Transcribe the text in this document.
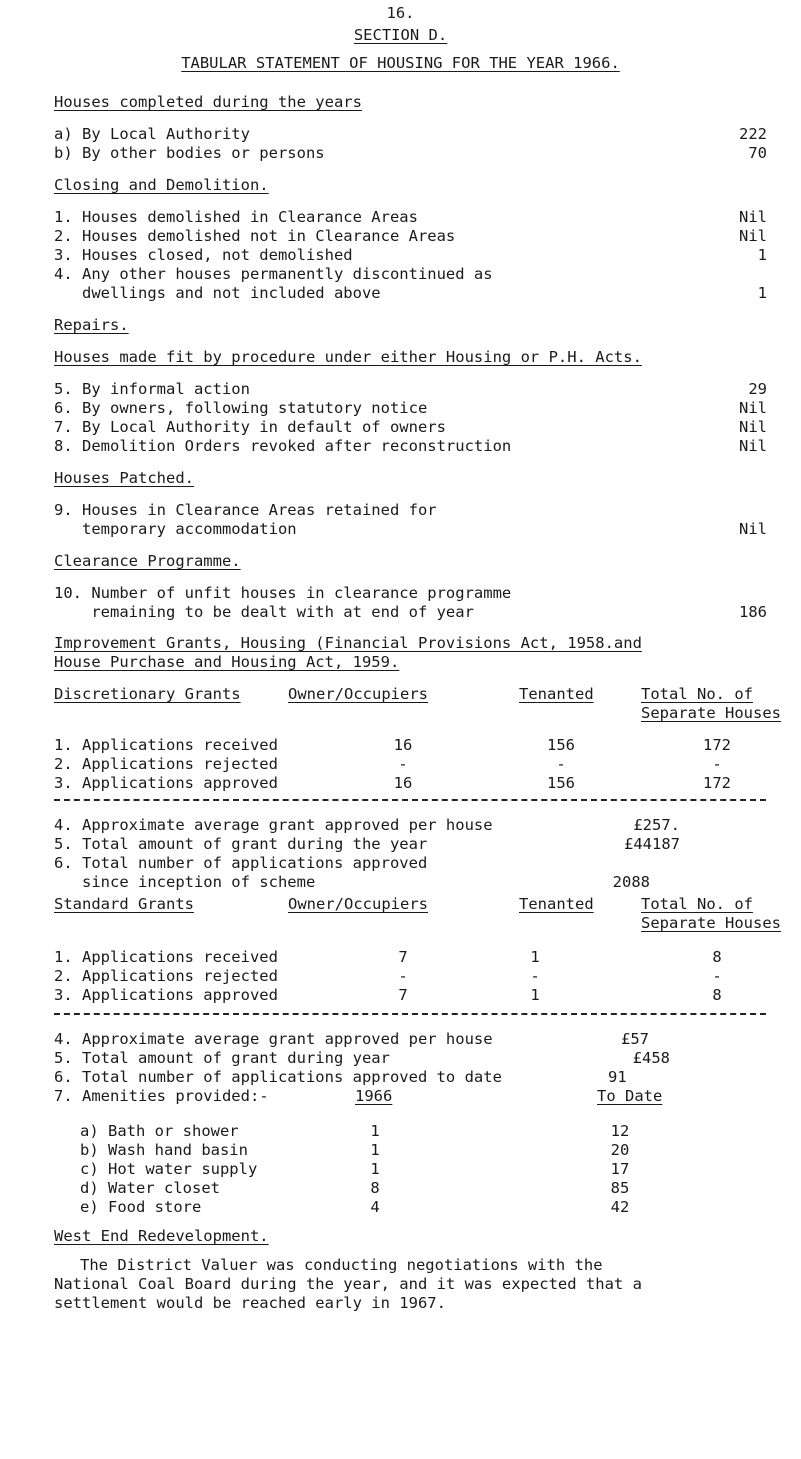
16.
SECTION D.
TABULAR STATEMENT OF HOUSING FOR THE YEAR 1966.
Houses completed during the years
a) By Local Authority	222
b) By other bodies or persons	70
Closing and Demolition.
1. Houses demolished in Clearance Areas	Nil
2. Houses demolished not in Clearance Areas	Nil
3. Houses closed, not demolished	1
4. Any other houses permanently discontinued as
dwellings and not included above	1
Repairs.
Houses made fit by procedure under either Housing or P.H. Acts.
5. By informal action	29
6. By owners, following statutory notice	Nil
7. By Local Authority in default of owners	Nil
8. Demolition Orders revoked after reconstruction	Nil
Houses Patched.
9. Houses in Clearance Areas retained for
temporary accommodation	Nil
Clearance Programme.
10. Number of unfit houses in clearance programme
remaining to be dealt with at end of year	186
Improvement Grants, Housing (Financial Provisions Act, 1958.and
House Purchase and Housing Act, 1959.
Discretionary Grants	Owner/Occupiers	Tenanted	Total No. of
Separate Houses
1. Applications received	16	156	172
2. Applications rejected	-	-	-
3. Applications approved	16	156	172
4. Approximate average grant approved per house	£257.
5. Total amount of grant during the year	£44187
6. Total number of applications approved
since inception of scheme	2088
Standard Grants	Owner/Occupiers	Tenanted	Total No. of
Separate Houses
1. Applications received	7	1	8
2. Applications rejected	-	-	-
3. Applications approved	7	1	8
4. Approximate average grant approved per house	£57
5. Total amount of grant during year	£458
6. Total number of applications approved to date	91
7. Amenities provided:-	1966	To Date
a) Bath or shower	1	12
b) Wash hand basin	1	20
c) Hot water supply	1	17
d) Water closet	8	85
e) Food store	4	42
West End Redevelopment.
The District Valuer was conducting negotiations with the
National Coal Board during the year, and it was expected that a
settlement would be reached early in 1967.
